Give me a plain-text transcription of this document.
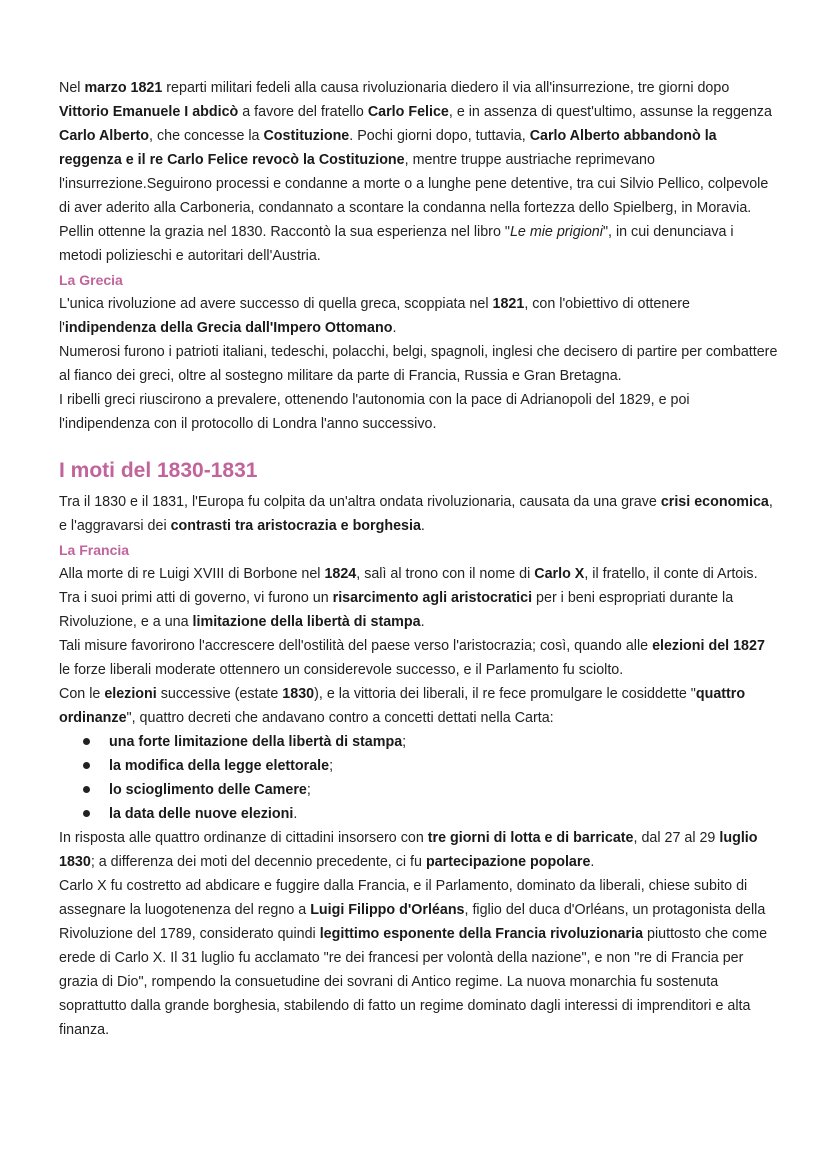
Nel marzo 1821 reparti militari fedeli alla causa rivoluzionaria diedero il via all'insurrezione, tre giorni dopo Vittorio Emanuele I abdicò a favore del fratello Carlo Felice, e in assenza di quest'ultimo, assunse la reggenza Carlo Alberto, che concesse la Costituzione. Pochi giorni dopo, tuttavia, Carlo Alberto abbandonò la reggenza e il re Carlo Felice revocò la Costituzione, mentre truppe austriache reprimevano l'insurrezione.Seguirono processi e condanne a morte o a lunghe pene detentive, tra cui Silvio Pellico, colpevole di aver aderito alla Carboneria, condannato a scontare la condanna nella fortezza dello Spielberg, in Moravia. Pellin ottenne la grazia nel 1830. Raccontò la sua esperienza nel libro "Le mie prigioni", in cui denunciava i metodi polizieschi e autoritari dell'Austria.

La Grecia

L'unica rivoluzione ad avere successo di quella greca, scoppiata nel 1821, con l'obiettivo di ottenere l'indipendenza della Grecia dall'Impero Ottomano.

Numerosi furono i patrioti italiani, tedeschi, polacchi, belgi, spagnoli, inglesi che decisero di partire per combattere al fianco dei greci, oltre al sostegno militare da parte di Francia, Russia e Gran Bretagna.

I ribelli greci riuscirono a prevalere, ottenendo l'autonomia con la pace di Adrianopoli del 1829, e poi l'indipendenza con il protocollo di Londra l'anno successivo.

I moti del 1830-1831

Tra il 1830 e il 1831, l'Europa fu colpita da un'altra ondata rivoluzionaria, causata da una grave crisi economica, e l'aggravarsi dei contrasti tra aristocrazia e borghesia.

La Francia

Alla morte di re Luigi XVIII di Borbone nel 1824, salì al trono con il nome di Carlo X, il fratello, il conte di Artois. Tra i suoi primi atti di governo, vi furono un risarcimento agli aristocratici per i beni espropriati durante la Rivoluzione, e a una limitazione della libertà di stampa.

Tali misure favorirono l'accrescere dell'ostilità del paese verso l'aristocrazia; così, quando alle elezioni del 1827 le forze liberali moderate ottennero un considerevole successo, e il Parlamento fu sciolto.

Con le elezioni successive (estate 1830), e la vittoria dei liberali, il re fece promulgare le cosiddette "quattro ordinanze", quattro decreti che andavano contro a concetti dettati nella Carta:

una forte limitazione della libertà di stampa;
la modifica della legge elettorale;
lo scioglimento delle Camere;
la data delle nuove elezioni.

In risposta alle quattro ordinanze di cittadini insorsero con tre giorni di lotta e di barricate, dal 27 al 29 luglio 1830; a differenza dei moti del decennio precedente, ci fu partecipazione popolare.

Carlo X fu costretto ad abdicare e fuggire dalla Francia, e il Parlamento, dominato da liberali, chiese subito di assegnare la luogotenenza del regno a Luigi Filippo d'Orléans, figlio del duca d'Orléans, un protagonista della Rivoluzione del 1789, considerato quindi legittimo esponente della Francia rivoluzionaria piuttosto che come erede di Carlo X. Il 31 luglio fu acclamato "re dei francesi per volontà della nazione", e non "re di Francia per grazia di Dio", rompendo la consuetudine dei sovrani di Antico regime. La nuova monarchia fu sostenuta soprattutto dalla grande borghesia, stabilendo di fatto un regime dominato dagli interessi di imprenditori e alta finanza.
